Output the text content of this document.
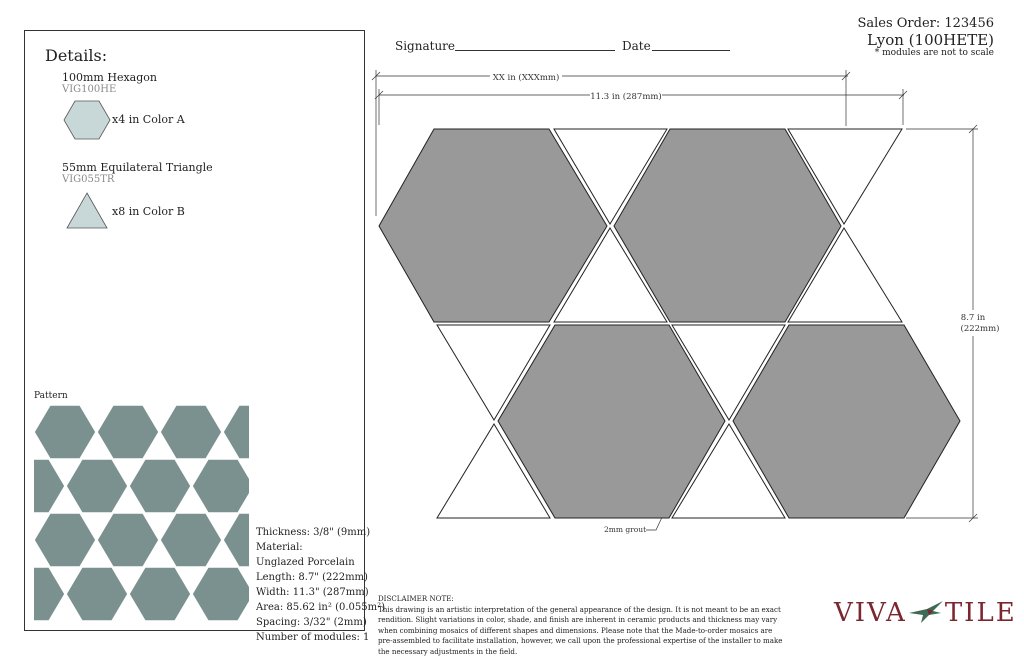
Sales Order: 123456
Lyon (100HETE)
* modules are not to scale
Signature	Date
Details:
100mm Hexagon
VIG100HE
x4 in Color A
55mm Equilateral Triangle
VIG055TR
x8 in Color B
Pattern
Thickness: 3/8" (9mm)
Material:
Unglazed Porcelain
Length: 8.7" (222mm)
Width: 11.3" (287mm)
Area: 85.62 in² (0.055m²)
Spacing: 3/32" (2mm)
Number of modules: 1
XX in (XXXmm)
11.3 in (287mm)
8.7 in
(222mm)
2mm grout
DISCLAIMER NOTE:
This drawing is an artistic interpretation of the general appearance of the design. It is not meant to be an exact rendition. Slight variations in color, shade, and finish are inherent in ceramic products and thickness may vary when combining mosaics of different shapes and dimensions. Please note that the Made-to-order mosaics are pre-assembled to facilitate installation, however, we call upon the professional expertise of the installer to make the necessary adjustments in the field.
VIVA TILE
